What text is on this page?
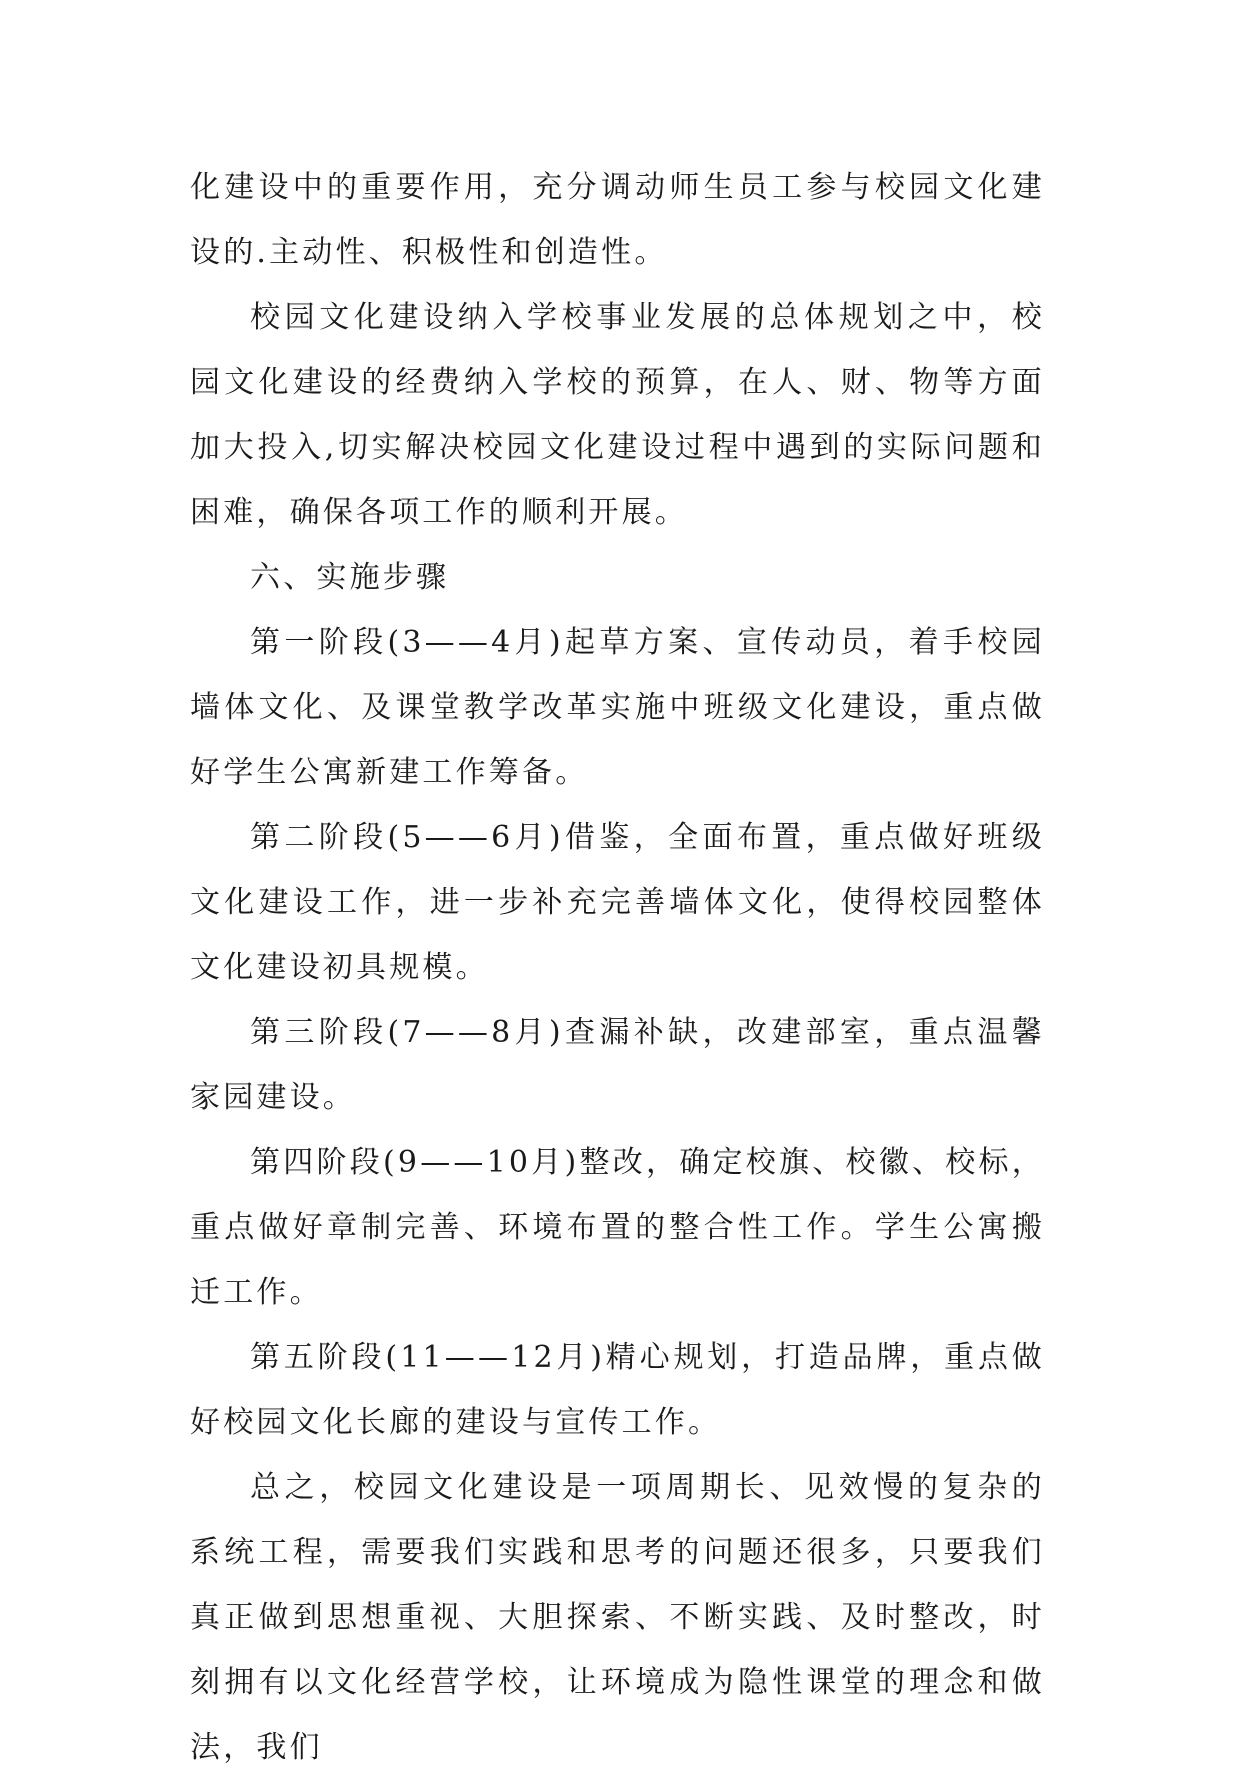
化建设中的重要作用，充分调动师生员工参与校园文化建设的.主动性、积极性和创造性。

校园文化建设纳入学校事业发展的总体规划之中，校园文化建设的经费纳入学校的预算，在人、财、物等方面加大投入,切实解决校园文化建设过程中遇到的实际问题和困难，确保各项工作的顺利开展。

六、实施步骤

第一阶段(3——4月)起草方案、宣传动员，着手校园墙体文化、及课堂教学改革实施中班级文化建设，重点做好学生公寓新建工作筹备。

第二阶段(5——6月)借鉴，全面布置，重点做好班级文化建设工作，进一步补充完善墙体文化，使得校园整体文化建设初具规模。

第三阶段(7——8月)查漏补缺，改建部室，重点温馨家园建设。

第四阶段(9——10月)整改，确定校旗、校徽、校标，重点做好章制完善、环境布置的整合性工作。学生公寓搬迁工作。

第五阶段(11——12月)精心规划，打造品牌，重点做好校园文化长廊的建设与宣传工作。

总之，校园文化建设是一项周期长、见效慢的复杂的系统工程，需要我们实践和思考的问题还很多，只要我们真正做到思想重视、大胆探索、不断实践、及时整改，时刻拥有以文化经营学校，让环境成为隐性课堂的理念和做法，我们
